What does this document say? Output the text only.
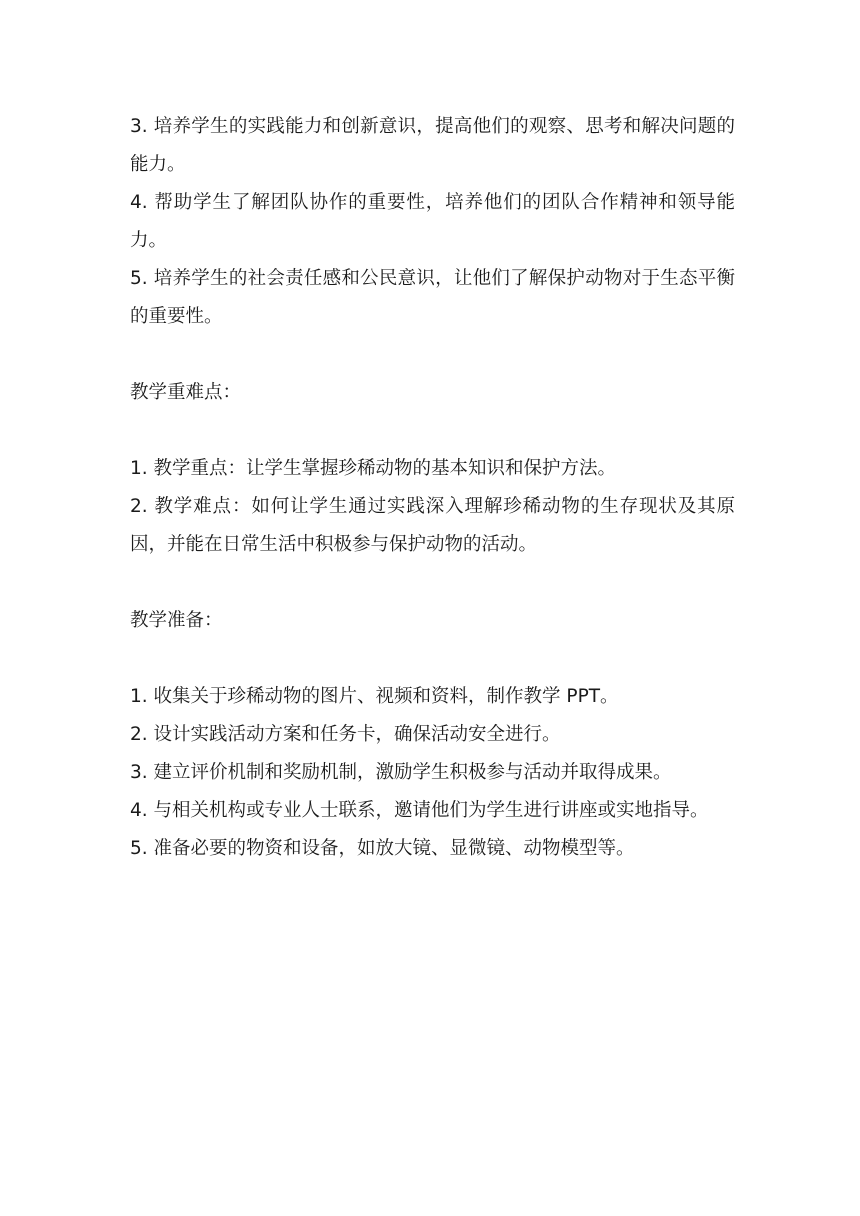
3. 培养学生的实践能力和创新意识，提高他们的观察、思考和解决问题的能力。

4. 帮助学生了解团队协作的重要性，培养他们的团队合作精神和领导能力。

5. 培养学生的社会责任感和公民意识，让他们了解保护动物对于生态平衡的重要性。

教学重难点：

1. 教学重点：让学生掌握珍稀动物的基本知识和保护方法。

2. 教学难点：如何让学生通过实践深入理解珍稀动物的生存现状及其原因，并能在日常生活中积极参与保护动物的活动。

教学准备：

1. 收集关于珍稀动物的图片、视频和资料，制作教学 PPT。

2. 设计实践活动方案和任务卡，确保活动安全进行。

3. 建立评价机制和奖励机制，激励学生积极参与活动并取得成果。

4. 与相关机构或专业人士联系，邀请他们为学生进行讲座或实地指导。

5. 准备必要的物资和设备，如放大镜、显微镜、动物模型等。
